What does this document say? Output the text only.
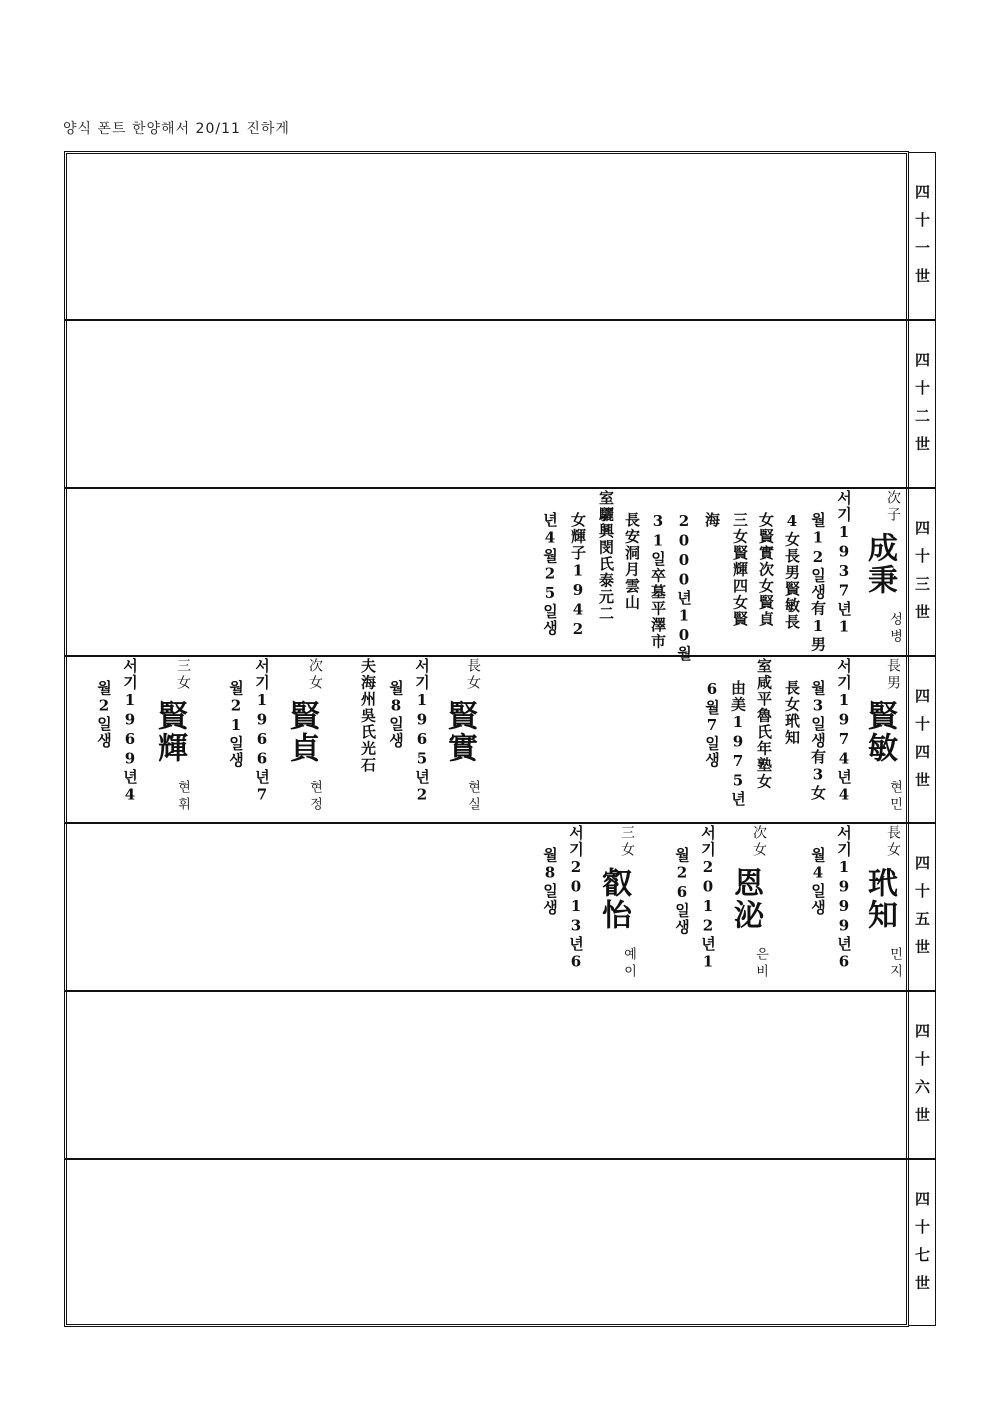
양식 폰트 한양해서 20/11 진하게
四
十
一
世
四
十
二
世
四
十
三
世
四
十
四
世
四
十
五
世
四
十
六
世
四
十
七
世
次子
成秉
성병
서기1937년1
월12일생有1男
4女長男賢敏長
女賢實次女賢貞
三女賢輝四女賢
海
2000년10월
31일卒墓平澤市
長安洞月雲山
室驪興閔氏泰元二
女輝子1942
년4월25일생
長男
賢敏
현민
서기1974년4
월3일생有3女
長女玳知
室咸平魯氏年塾女
由美1975년
6월7일생
長女
賢實
현실
서기1965년2
월8일생
夫海州吳氏光石
次女
賢貞
현정
서기1966년7
월21일생
三女
賢輝
현휘
서기1969년4
월2일생
長女
玳知
민지
서기1999년6
월4일생
次女
恩泌
은비
서기2012년1
월26일생
三女
叡怡
예이
서기2013년6
월8일생
